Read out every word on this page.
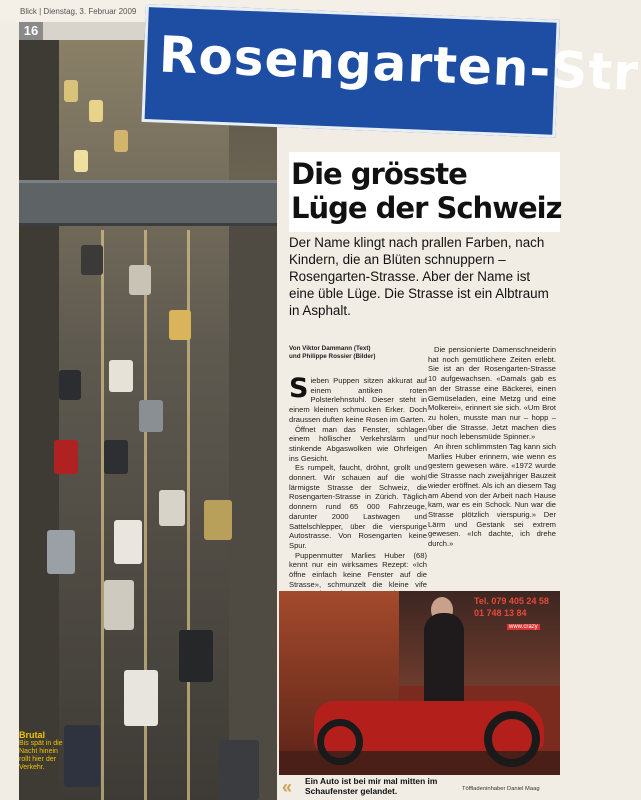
Blick | Dienstag, 3. Februar 2009
16
Brutal
Bis spät in die Nacht hinein rollt hier der Verkehr.
Rosengarten-Str
Die grösste
Lüge der Schweiz
Der Name klingt nach prallen Farben, nach Kindern, die an Blüten schnuppern – Rosengarten-Strasse. Aber der Name ist eine üble Lüge. Die Strasse ist ein Albtraum in Asphalt.
Von Viktor Dammann (Text)
und Philippe Rossier (Bilder)

Sieben Puppen sitzen akkurat auf einem antiken roten Polsterlehnstuhl. Dieser steht in einem kleinen schmucken Erker. Doch draussen duften keine Rosen im Garten.

Öffnet man das Fenster, schlagen einem höllischer Verkehrslärm und stinkende Abgaswolken wie Ohrfeigen ins Gesicht.

Es rumpelt, faucht, dröhnt, grollt und donnert. Wir schauen auf die wohl lärmigste Strasse der Schweiz, die Rosengarten-Strasse in Zürich. Täglich donnern rund 65 000 Fahrzeuge, darunter 2000 Lastwagen und Sattelschlepper, über die vierspurige Autostrasse. Von Rosengarten keine Spur.

Puppenmutter Marlies Huber (68) kennt nur ein wirksames Rezept: «Ich öffne einfach keine Fenster auf die Strasse», schmunzelt die kleine vife

Die pensionierte Damenschneiderin hat noch gemütlichere Zeiten erlebt. Sie ist an der Rosengarten-Strasse 10 aufgewachsen. «Damals gab es an der Strasse eine Bäckerei, einen Gemüseladen, eine Metzg und eine Molkerei», erinnert sie sich. «Um Brot zu holen, musste man nur – hopp – über die Strasse. Jetzt machen dies nur noch lebensmüde Spinner.»

An ihren schlimmsten Tag kann sich Marlies Huber erinnern, wie wenn es gestern gewesen wäre. «1972 wurde die Strasse nach zweijähriger Bauzeit wieder eröffnet. Als ich an diesem Tag am Abend von der Arbeit nach Hause kam, war es ein Schock. Nun war die Strasse plötzlich vierspurig.» Der Lärm und Gestank sei extrem gewesen. «Ich dachte, ich drehe durch.»

Tel. 079 405 24 58
01 748 13 84
www.crazy
« Ein Auto ist bei mir mal mitten im Schaufenster gelandet.	Töffladeninhaber Daniel Maag
